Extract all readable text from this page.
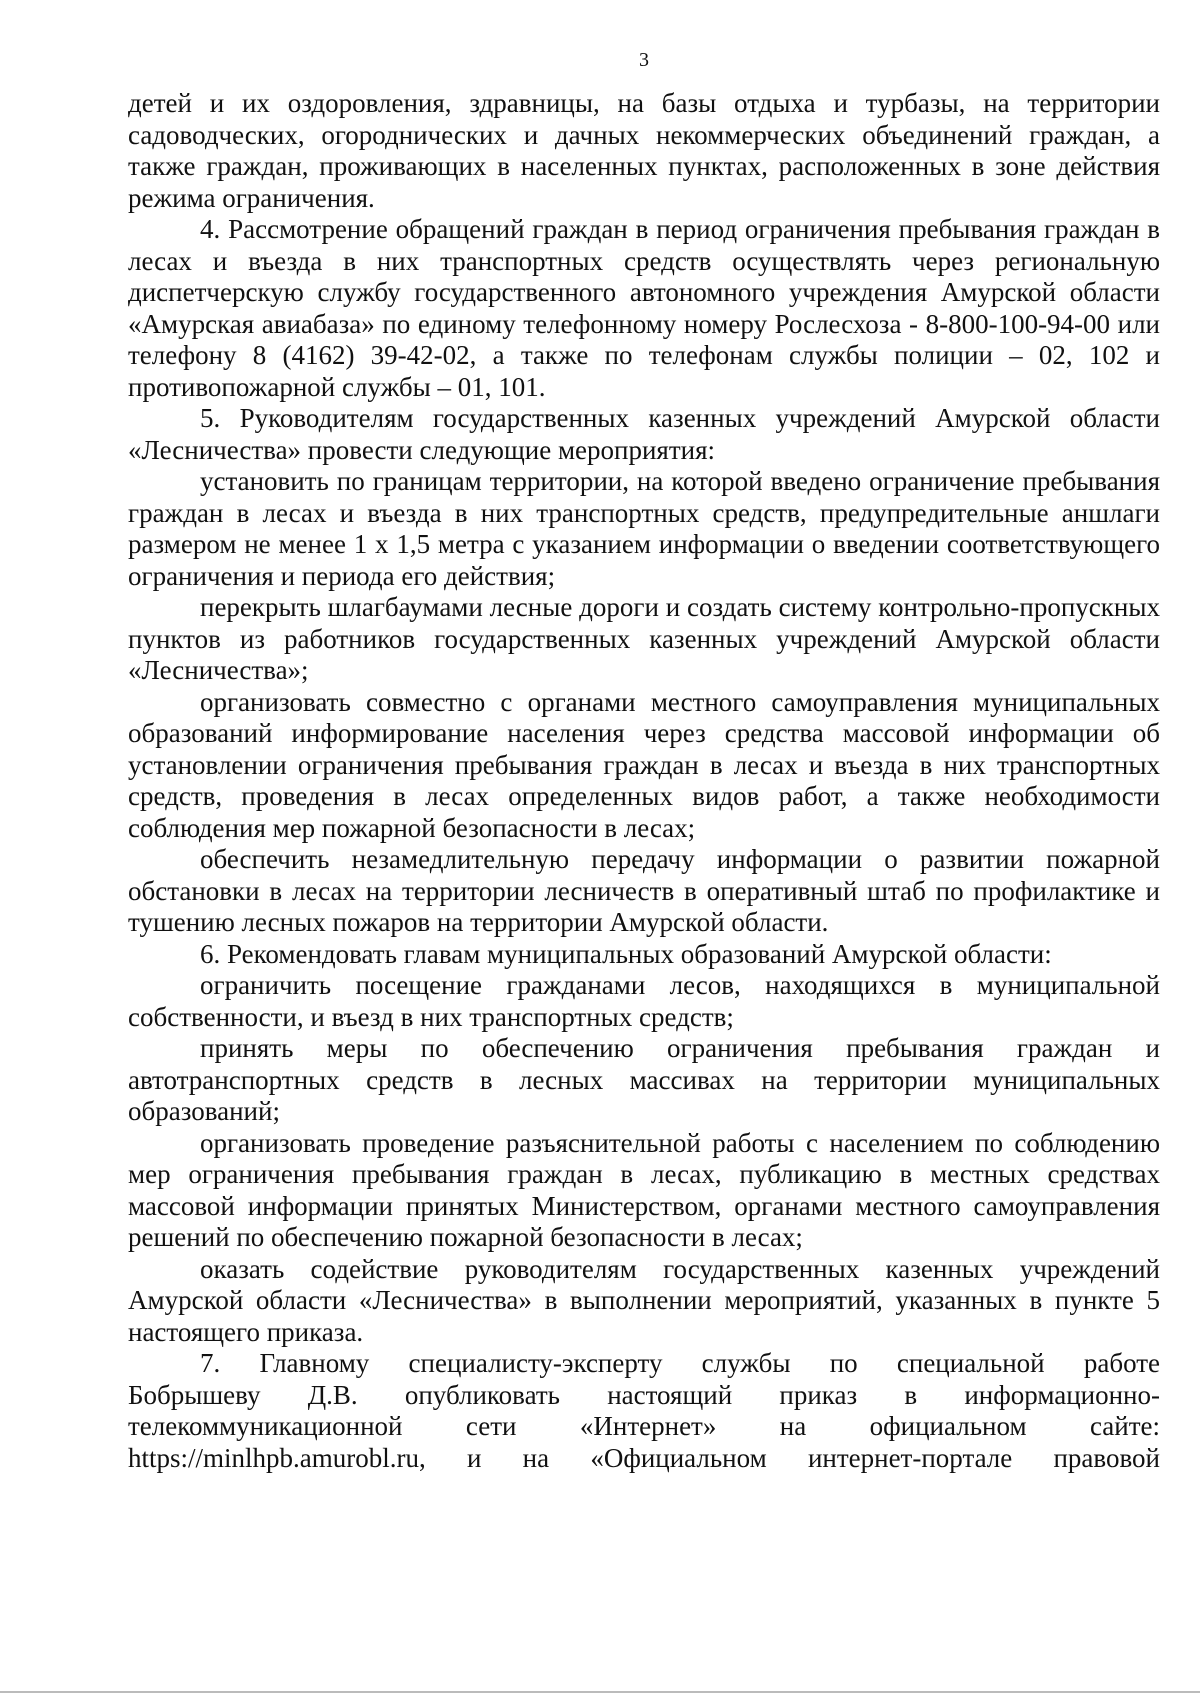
3

детей и их оздоровления, здравницы, на базы отдыха и турбазы, на территории садоводческих, огороднических и дачных некоммерческих объединений граждан, а также граждан, проживающих в населенных пунктах, расположенных в зоне действия режима ограничения.

4. Рассмотрение обращений граждан в период ограничения пребывания граждан в лесах и въезда в них транспортных средств осуществлять через региональную диспетчерскую службу государственного автономного учреждения Амурской области «Амурская авиабаза» по единому телефонному номеру Рослесхоза - 8-800-100-94-00 или телефону 8 (4162) 39-42-02, а также по телефонам службы полиции – 02, 102 и противопожарной службы – 01, 101.

5. Руководителям государственных казенных учреждений Амурской области «Лесничества» провести следующие мероприятия:

установить по границам территории, на которой введено ограничение пребывания граждан в лесах и въезда в них транспортных средств, предупредительные аншлаги размером не менее 1 х 1,5 метра с указанием информации о введении соответствующего ограничения и периода его действия;

перекрыть шлагбаумами лесные дороги и создать систему контрольно-пропускных пунктов из работников государственных казенных учреждений Амурской области «Лесничества»;

организовать совместно с органами местного самоуправления муниципальных образований информирование населения через средства массовой информации об установлении ограничения пребывания граждан в лесах и въезда в них транспортных средств, проведения в лесах определенных видов работ, а также необходимости соблюдения мер пожарной безопасности в лесах;

обеспечить незамедлительную передачу информации о развитии пожарной обстановки в лесах на территории лесничеств в оперативный штаб по профилактике и тушению лесных пожаров на территории Амурской области.

6. Рекомендовать главам муниципальных образований Амурской области:

ограничить посещение гражданами лесов, находящихся в муниципальной собственности, и въезд в них транспортных средств;

принять меры по обеспечению ограничения пребывания граждан и автотранспортных средств в лесных массивах на территории муниципальных образований;

организовать проведение разъяснительной работы с населением по соблюдению мер ограничения пребывания граждан в лесах, публикацию в местных средствах массовой информации принятых Министерством, органами местного самоуправления решений по обеспечению пожарной безопасности в лесах;

оказать содействие руководителям государственных казенных учреждений Амурской области «Лесничества» в выполнении мероприятий, указанных в пункте 5 настоящего приказа.

7. Главному специалисту-эксперту службы по специальной работе
Бобрышеву Д.В. опубликовать настоящий приказ в информационно-
телекоммуникационной сети «Интернет» на официальном сайте:
https://minlhpb.amurobl.ru, и на «Официальном интернет-портале правовой
